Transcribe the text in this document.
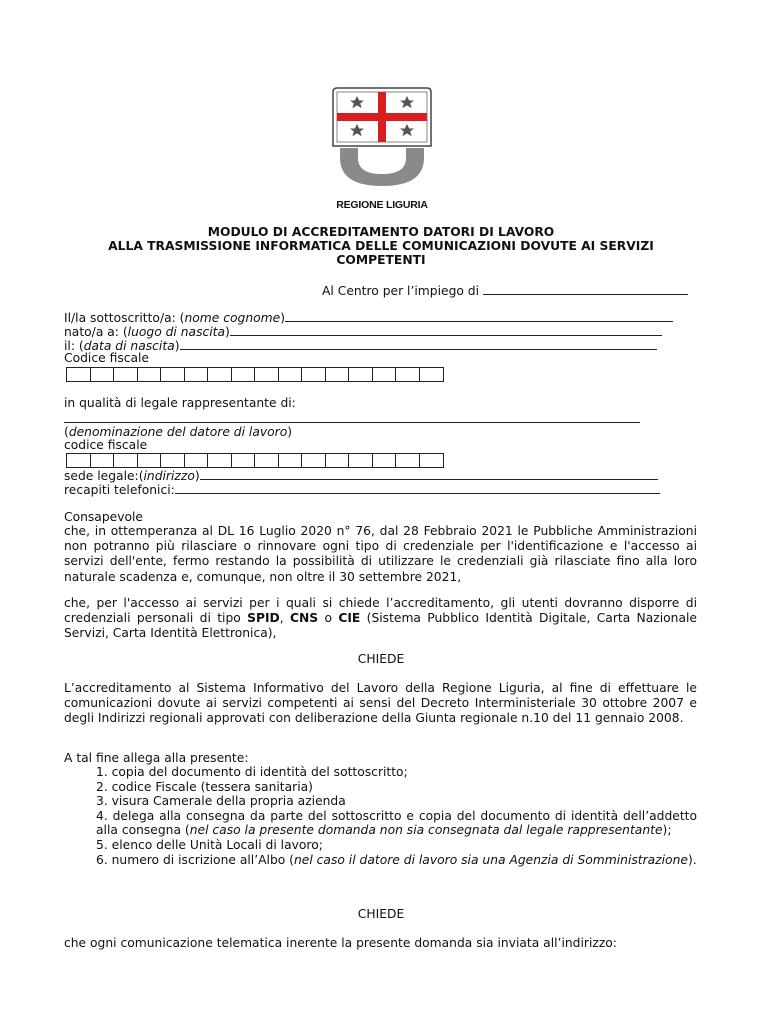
REGIONE LIGURIA
MODULO DI ACCREDITAMENTO DATORI DI LAVORO
ALLA TRASMISSIONE INFORMATICA DELLE COMUNICAZIONI DOVUTE AI SERVIZI
COMPETENTI
Al Centro per l’impiego di
Il/la sottoscritto/a: (nome cognome)
nato/a a: (luogo di nascita)
il: (data di nascita)
Codice fiscale
in qualità di legale rappresentante di:
(denominazione del datore di lavoro)
codice fiscale
sede legale:(indirizzo)
recapiti telefonici:
Consapevole
che, in ottemperanza al DL 16 Luglio 2020 n° 76, dal 28 Febbraio 2021 le Pubbliche Amministrazioni non potranno più rilasciare o rinnovare ogni tipo di credenziale per l'identificazione e l'accesso ai servizi dell'ente, fermo restando la possibilità di utilizzare le credenziali già rilasciate fino alla loro naturale scadenza e, comunque, non oltre il 30 settembre 2021,
che, per l'accesso ai servizi per i quali si chiede l’accreditamento, gli utenti dovranno disporre di credenziali personali di tipo SPID, CNS o CIE (Sistema Pubblico Identità Digitale, Carta Nazionale Servizi, Carta Identità Elettronica),
CHIEDE
L’accreditamento al Sistema Informativo del Lavoro della Regione Liguria, al fine di effettuare le comunicazioni dovute ai servizi competenti ai sensi del Decreto Interministeriale 30 ottobre 2007 e degli Indirizzi regionali approvati con deliberazione della Giunta regionale n.10 del 11 gennaio 2008.
A tal fine allega alla presente:
1. copia del documento di identità del sottoscritto;
2. codice Fiscale (tessera sanitaria)
3. visura Camerale della propria azienda
4. delega alla consegna da parte del sottoscritto e copia del documento di identità dell’addetto alla consegna (nel caso la presente domanda non sia consegnata dal legale rappresentante);
5. elenco delle Unità Locali di lavoro;
6. numero di iscrizione all’Albo (nel caso il datore di lavoro sia una Agenzia di Somministrazione).
CHIEDE
che ogni comunicazione telematica inerente la presente domanda sia inviata all’indirizzo:
